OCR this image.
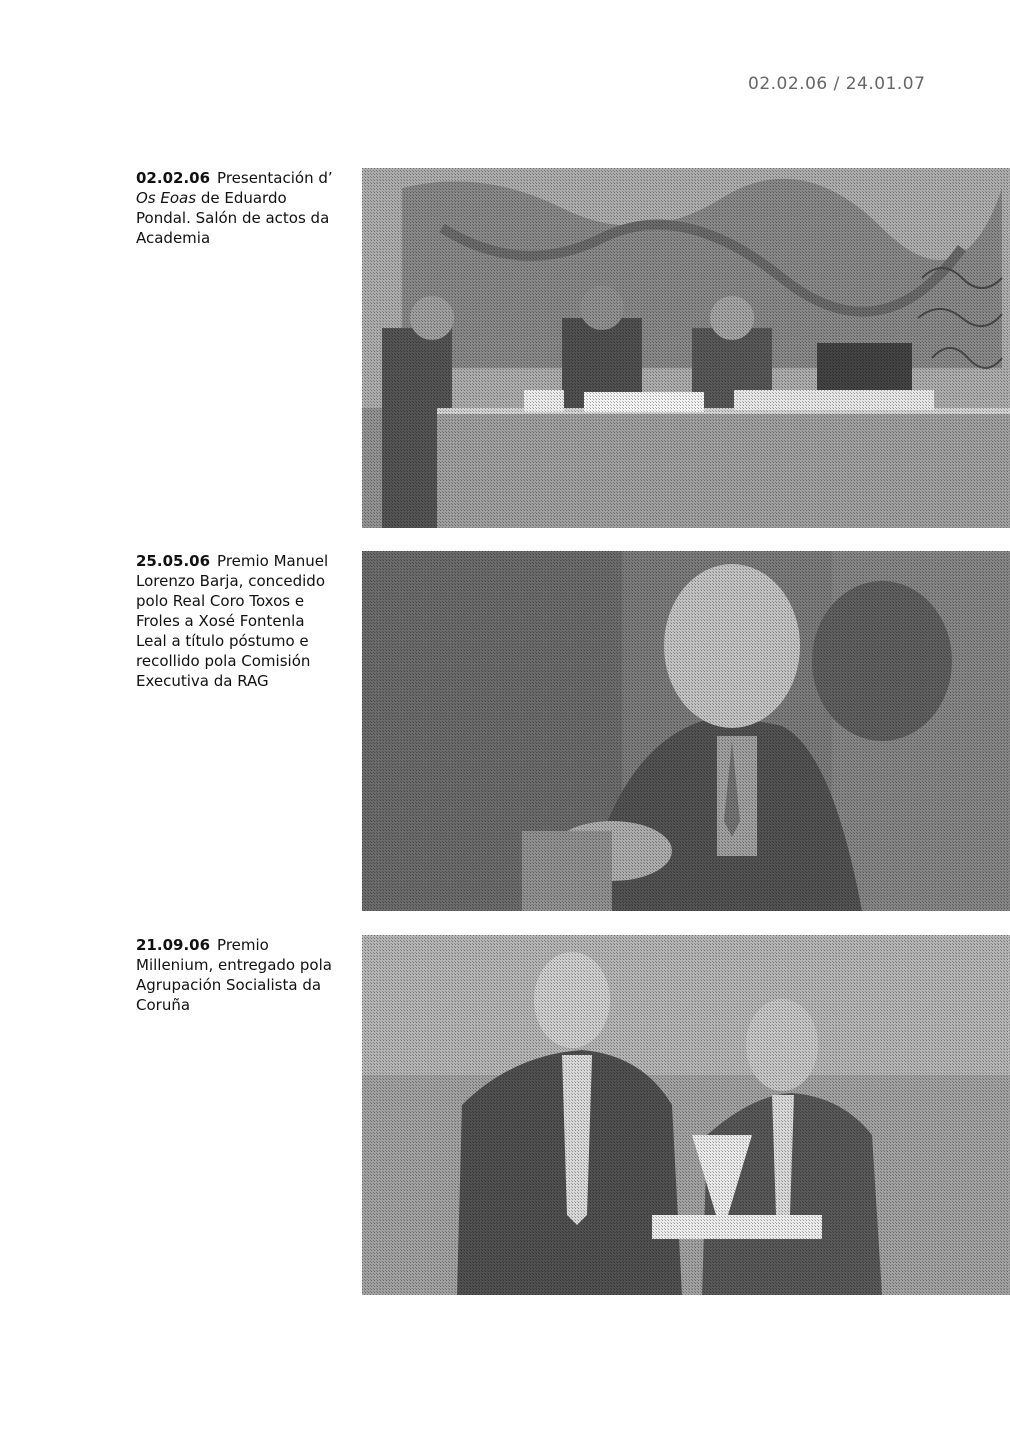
02.02.06 / 24.01.07
02.02.06 Presentación d’ Os Eoas de Eduardo Pondal. Salón de actos da Academia
25.05.06 Premio Manuel Lorenzo Barja, concedido polo Real Coro Toxos e Froles a Xosé Fontenla Leal a título póstumo e recollido pola Comisión Executiva da RAG
21.09.06 Premio Millenium, entregado pola Agrupación Socialista da Coruña
